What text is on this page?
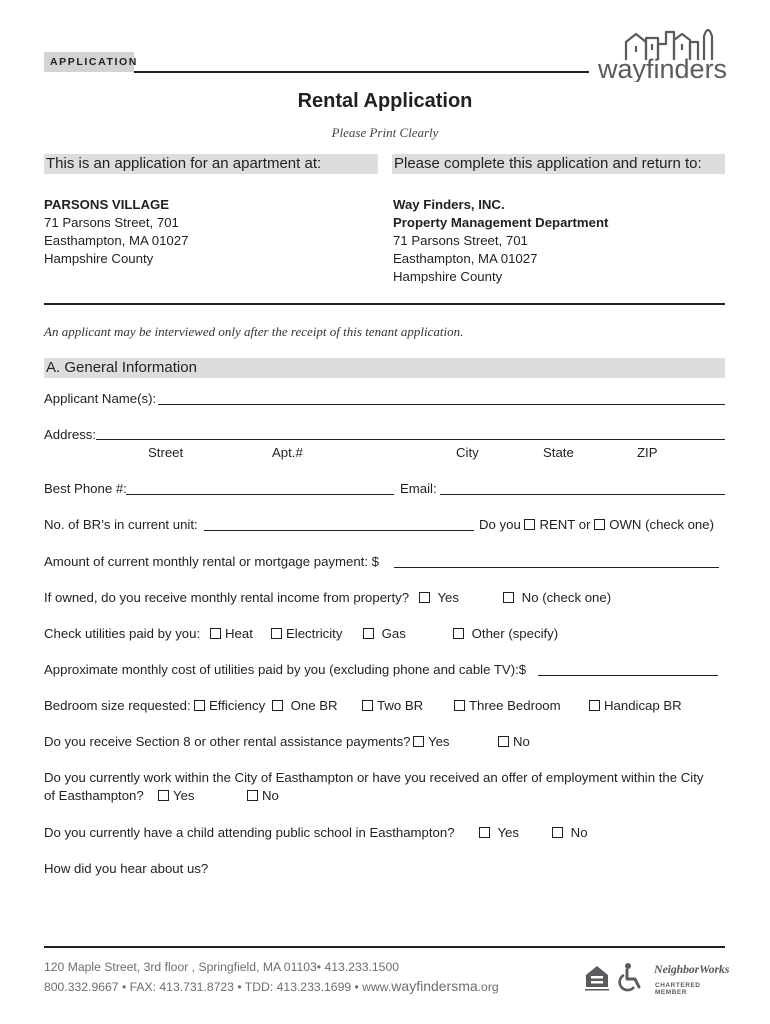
APPLICATION	wayfinders
Rental Application
Please Print Clearly
This is an application for an apartment at:	Please complete this application and return to:
PARSONS VILLAGE
71 Parsons Street, 701
Easthampton, MA 01027
Hampshire County
Way Finders, INC.
Property Management Department
71 Parsons Street, 701
Easthampton, MA 01027
Hampshire County
An applicant may be interviewed only after the receipt of this tenant application.
A. General Information
Applicant Name(s):
Address:
Street	Apt.#	City	State	ZIP
Best Phone #:	Email:
No. of BR’s in current unit:	Do you RENT or OWN (check one)
Amount of current monthly rental or mortgage payment: $
If owned, do you receive monthly rental income from property?	Yes	No (check one)
Check utilities paid by you:	Heat	Electricity	Gas	Other (specify)
Approximate monthly cost of utilities paid by you (excluding phone and cable TV):$
Bedroom size requested:	Efficiency	One BR	Two BR	Three Bedroom	Handicap BR
Do you receive Section 8 or other rental assistance payments?	Yes	No
Do you currently work within the City of Easthampton or have you received an offer of employment within the City
of Easthampton?	Yes	No
Do you currently have a child attending public school in Easthampton?	Yes	No
How did you hear about us?
120 Maple Street, 3rd floor , Springfield, MA 01103• 413.233.1500
800.332.9667 • FAX: 413.731.8723 • TDD: 413.233.1699 • www.wayfindersma.org
NeighborWorks
CHARTERED MEMBER
